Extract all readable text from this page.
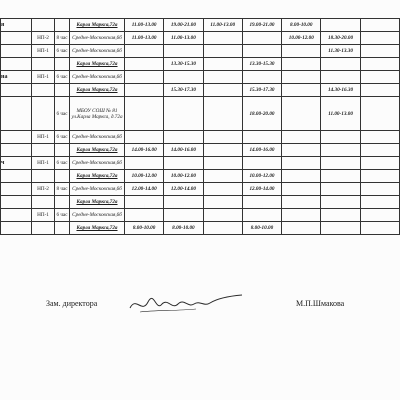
я			Карла Маркса,72а	11.00-13.00	19.00-21.00	11.00-13.00	19.00-21.00	8.00-10.00		
	НП-2	8 час	Средне-Московская,6б	11.00-13.00	11.00-13.00			10.00-12.00	18.30-20.00	
	НП-1	6 час	Средне-Московская,6б						11.30-13.30	
			Карла Маркса,72а		13.30-15.30		13.30-15.30			

на	НП-1	6 час	Средне-Московская,6б							
			Карла Маркса,72а		15.30-17.30		15.30-17.30		14.30-16.30	
		6 час	МБОУ СОШ № 81 ул.Карла Маркса, д.72а				18.00-20.00		11.00-13.00	
	НП-1	6 час	Средне-Московская,6б							
			Карла Маркса,72а	14.00-16.00	14.00-16.00		14.00-16.00			

ч	НП-1	6 час	Средне-Московская,6б							
			Карла Маркса,72а	10.00-12.00	10.00-12.00		10.00-12.00			
	НП-2	8 час	Средне-Московская,6б	12.00-14.00	12.00-14.00		12.00-14.00			
			Карла Маркса,72а							
	НП-1	6 час	Средне-Московская,6б							
			Карла Маркса,72а	8.00-10.00	8.00-10.00		8.00-10.00			
Зам. директора	М.П.Шмакова
